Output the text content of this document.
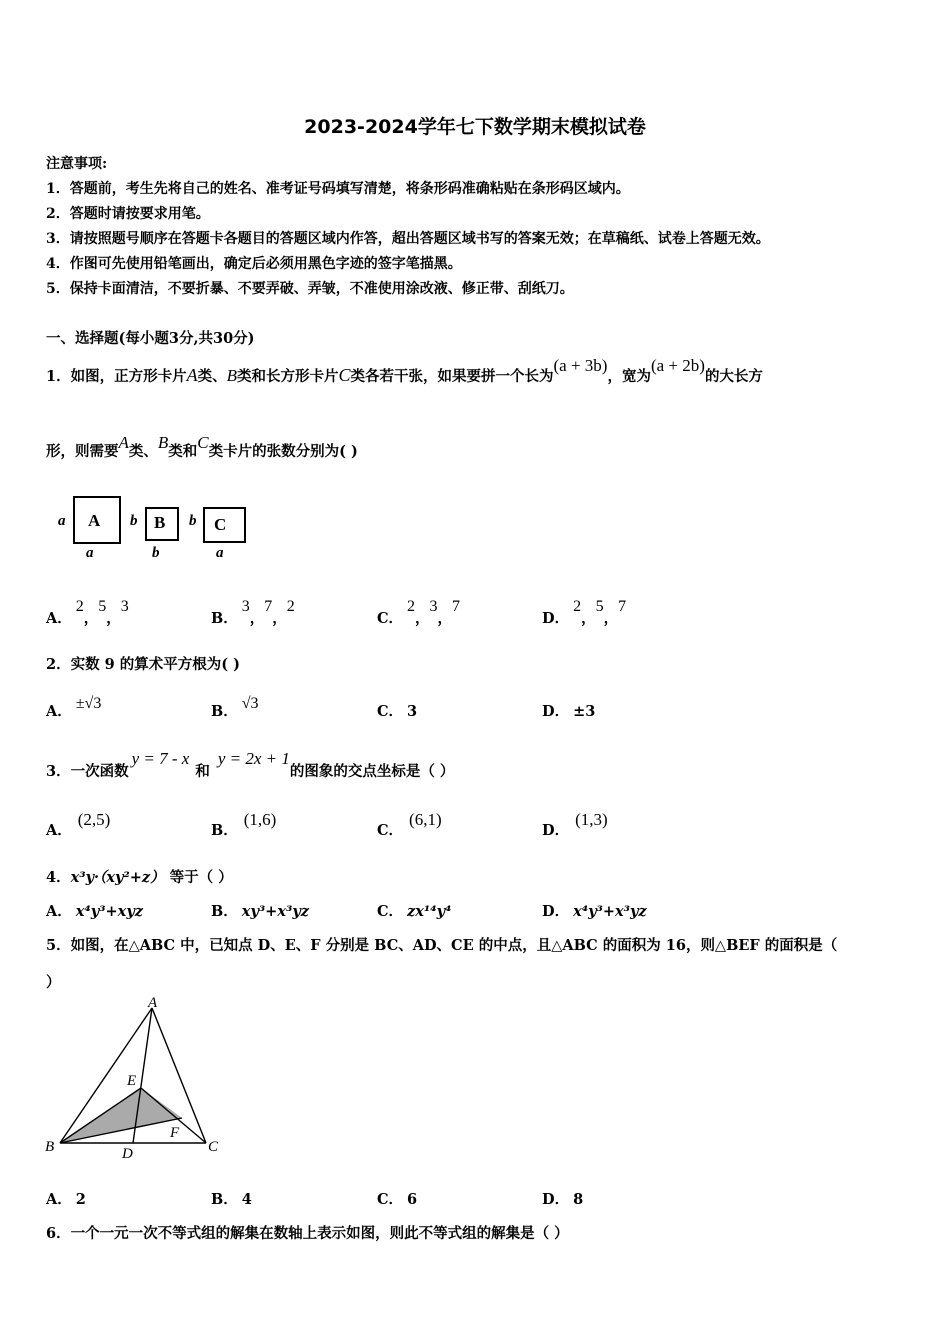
2023-2024学年七下数学期末模拟试卷
注意事项:
1．答题前，考生先将自己的姓名、准考证号码填写清楚，将条形码准确粘贴在条形码区域内。
2．答题时请按要求用笔。
3．请按照题号顺序在答题卡各题目的答题区域内作答，超出答题区域书写的答案无效；在草稿纸、试卷上答题无效。
4．作图可先使用铅笔画出，确定后必须用黑色字迹的签字笔描黑。
5．保持卡面清洁，不要折暴、不要弄破、弄皱，不准使用涂改液、修正带、刮纸刀。
一、选择题(每小题3分,共30分)
1．如图，正方形卡片A类、B类和长方形卡片C类各若干张，如果要拼一个长为(a + 3b)，宽为(a + 2b)的大长方
形，则需要A类、B类和C类卡片的张数分别为( )
a A
a
b B
b
b C
a
A．2，5，3
B．3，7，2
C．2，3，7
D．2，5，7
2．实数 9 的算术平方根为( )
A． ±√3	B． √3	C． 3	D． ±3
3．一次函数y = 7 - x和y = 2x + 1的图象的交点坐标是（ ）
A．(2,5)
B．(1,6)
C．(6,1)
D．(1,3)
4．x³y·（xy²+z） 等于（ ）
A． x⁴y³+xyz	B． xy³+x³yz	C． zx¹⁴y⁴	D． x⁴y³+x³yz
5．如图，在△ABC 中，已知点 D、E、F 分别是 BC、AD、CE 的中点，且△ABC 的面积为 16，则△BEF 的面积是（
）
A
B	C
D
E
F
A． 2	B． 4	C． 6	D． 8
6．一个一元一次不等式组的解集在数轴上表示如图，则此不等式组的解集是（ ）
